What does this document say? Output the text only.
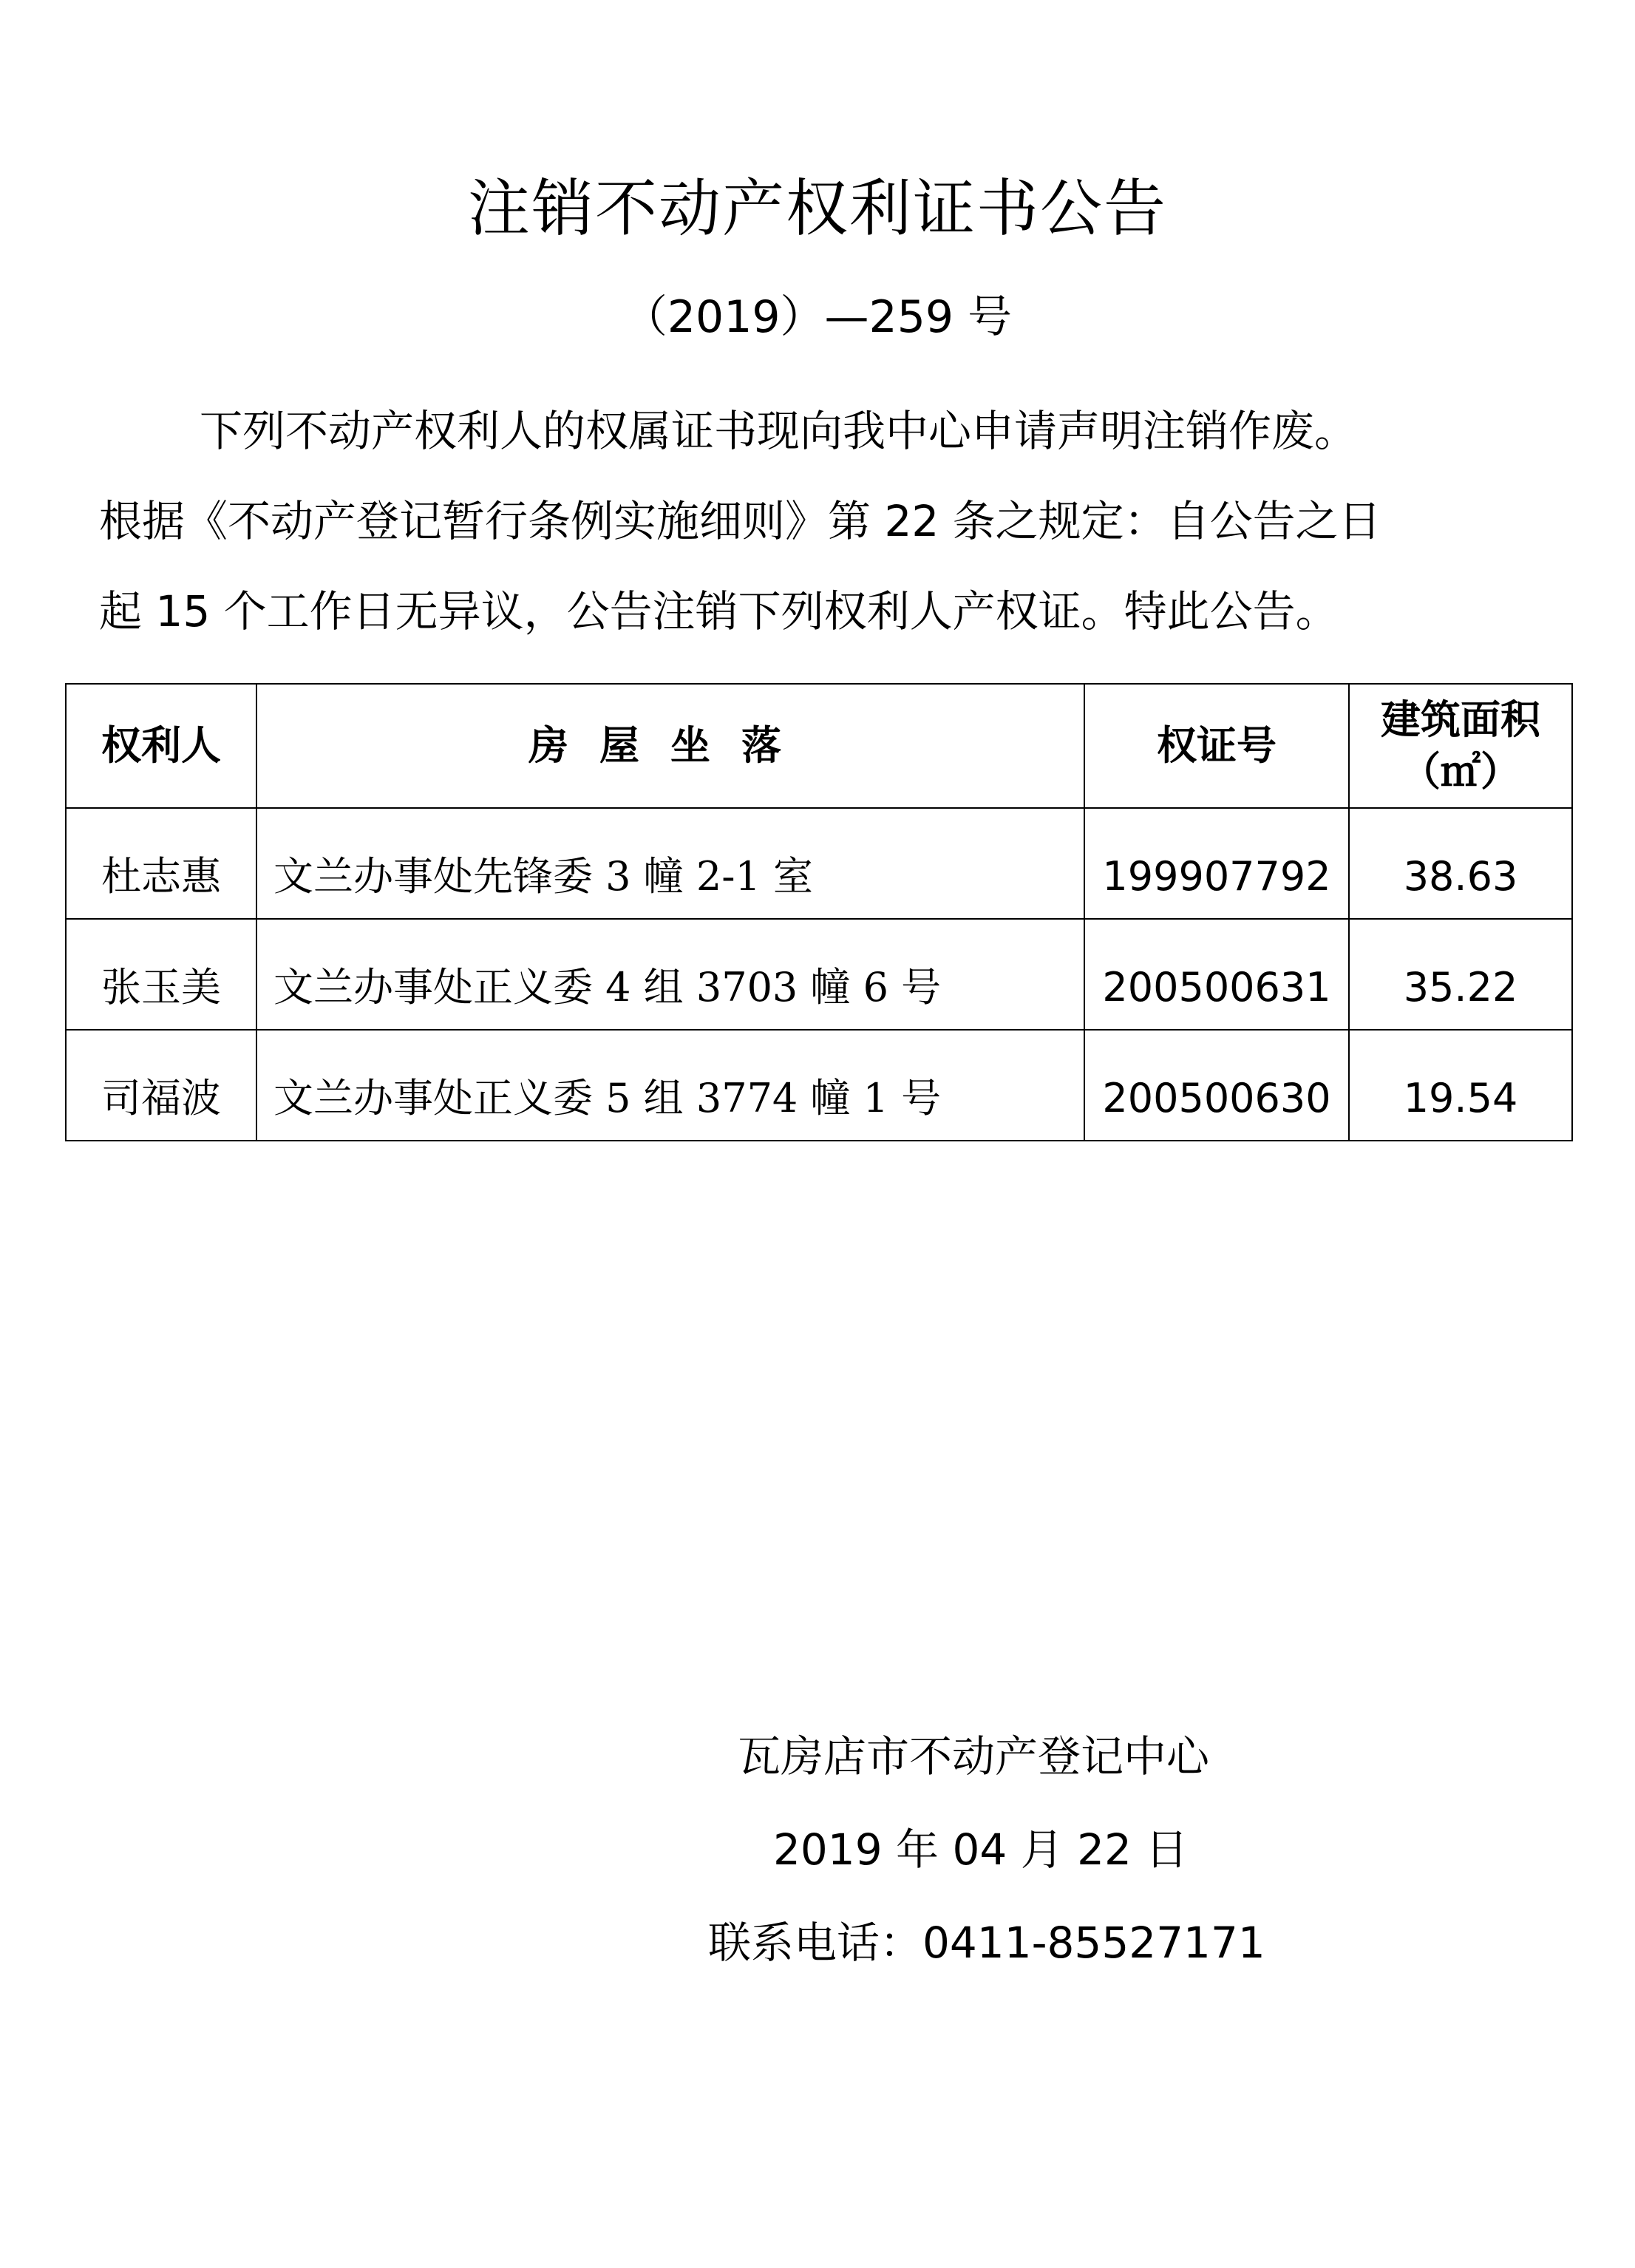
注销不动产权利证书公告
（2019）—259 号

下列不动产权利人的权属证书现向我中心申请声明注销作废。
根据《不动产登记暂行条例实施细则》第 22 条之规定：自公告之日
起 15 个工作日无异议，公告注销下列权利人产权证。特此公告。

权利人	房屋坐落	权证号	建筑面积
（㎡）

杜志惠	文兰办事处先锋委 3 幢 2-1 室	199907792	38.63
张玉美	文兰办事处正义委 4 组 3703 幢 6 号	200500631	35.22
司福波	文兰办事处正义委 5 组 3774 幢 1 号	200500630	19.54
瓦房店市不动产登记中心
2019 年 04 月 22 日
联系电话：0411-85527171
